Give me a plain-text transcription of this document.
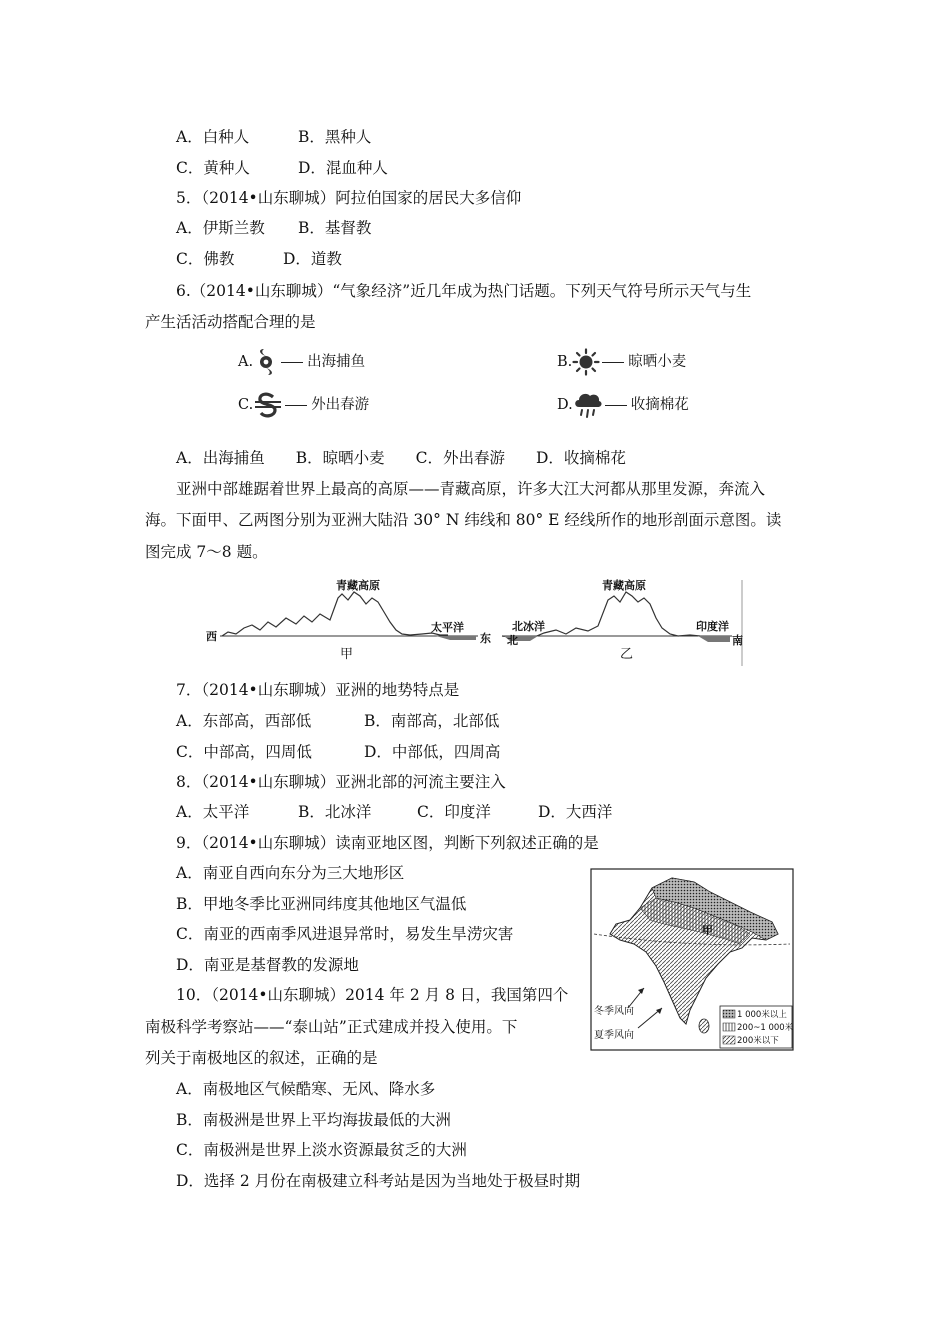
A．白种人	B．黑种人
C．黄种人	D．混血种人
5．（2014•山东聊城）阿拉伯国家的居民大多信仰
A．伊斯兰教 B．基督教
C．佛教	D．道教
6.（2014•山东聊城）“气象经济”近几年成为热门话题。下列天气符号所示天气与生
产生活活动搭配合理的是
A.	出海捕鱼	B.	晾晒小麦
C.	外出春游	D.	收摘棉花
A．出海捕鱼　　B．晾晒小麦　　C．外出春游　　D．收摘棉花
亚洲中部雄踞着世界上最高的高原——青藏高原，许多大江大河都从那里发源，奔流入
海。下面甲、乙两图分别为亚洲大陆沿 30° N 纬线和 80° E 经线所作的地形剖面示意图。读
图完成 7～8 题。
青藏高原
太平洋
西	东
甲
青藏高原
北冰洋	印度洋
北	南
乙
7．（2014•山东聊城）亚洲的地势特点是
A．东部高，西部低	B．南部高，北部低
C．中部高，四周低	D．中部低，四周高
8．（2014•山东聊城）亚洲北部的河流主要注入
A．太平洋	B．北冰洋	C．印度洋	D．大西洋
9．（2014•山东聊城）读南亚地区图，判断下列叙述正确的是
A．南亚自西向东分为三大地形区
B．甲地冬季比亚洲同纬度其他地区气温低
C．南亚的西南季风进退异常时，易发生旱涝灾害
D．南亚是基督教的发源地
甲
冬季风向
夏季风向
1 000米以上
200~1 000米
200米以下
10．（2014•山东聊城）2014 年 2 月 8 日，我国第四个
南极科学考察站——“泰山站”正式建成并投入使用。下
列关于南极地区的叙述，正确的是
A．南极地区气候酷寒、无风、降水多
B．南极洲是世界上平均海拔最低的大洲
C．南极洲是世界上淡水资源最贫乏的大洲
D．选择 2 月份在南极建立科考站是因为当地处于极昼时期
